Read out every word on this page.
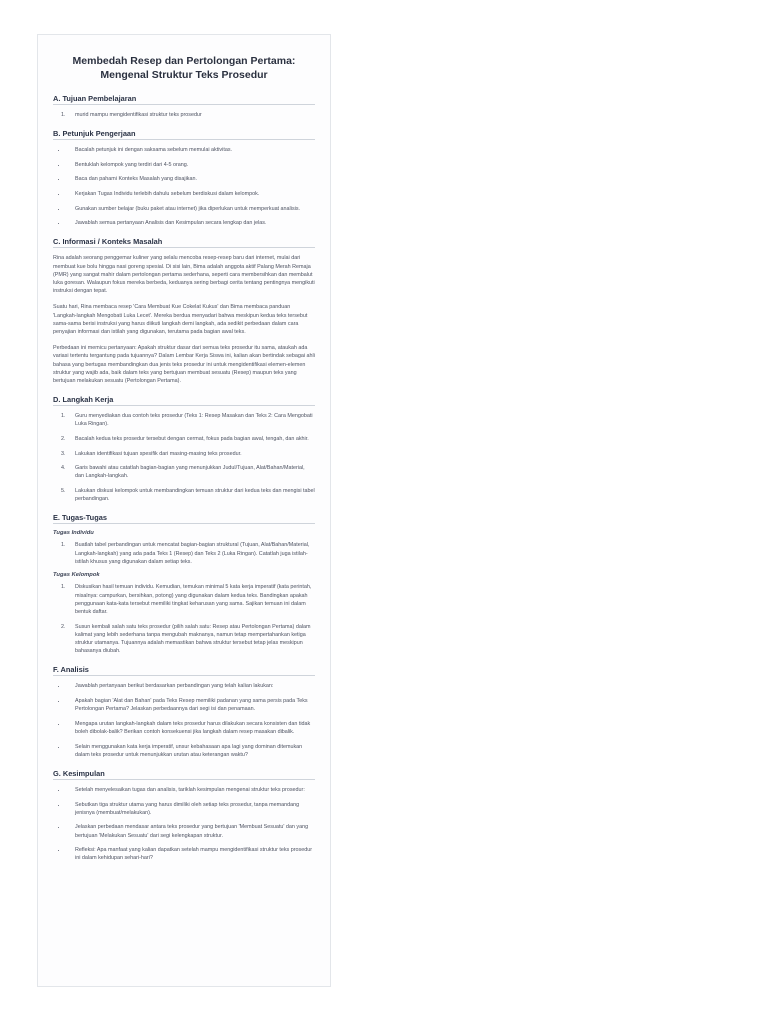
Membedah Resep dan Pertolongan Pertama:
Mengenal Struktur Teks Prosedur
A. Tujuan Pembelajaran
1. murid mampu mengidentifikasi struktur teks prosedur
B. Petunjuk Pengerjaan
• Bacalah petunjuk ini dengan saksama sebelum memulai aktivitas.
• Bentuklah kelompok yang terdiri dari 4-5 orang.
• Baca dan pahami Konteks Masalah yang disajikan.
• Kerjakan Tugas Individu terlebih dahulu sebelum berdiskusi dalam kelompok.
• Gunakan sumber belajar (buku paket atau internet) jika diperlukan untuk memperkuat analisis.
• Jawablah semua pertanyaan Analisis dan Kesimpulan secara lengkap dan jelas.
C. Informasi / Konteks Masalah

Rina adalah seorang penggemar kuliner yang selalu mencoba resep-resep baru dari internet, mulai dari membuat kue bolu hingga nasi goreng spesial. Di sisi lain, Bima adalah anggota aktif Palang Merah Remaja (PMR) yang sangat mahir dalam pertolongan pertama sederhana, seperti cara membersihkan dan membalut luka goresan. Walaupun fokus mereka berbeda, keduanya sering berbagi cerita tentang pentingnya mengikuti instruksi dengan tepat.

Suatu hari, Rina membaca resep 'Cara Membuat Kue Cokelat Kukus' dan Bima membaca panduan 'Langkah-langkah Mengobati Luka Lecet'. Mereka berdua menyadari bahwa meskipun kedua teks tersebut sama-sama berisi instruksi yang harus diikuti langkah demi langkah, ada sedikit perbedaan dalam cara penyajian informasi dan istilah yang digunakan, terutama pada bagian awal teks.

Perbedaan ini memicu pertanyaan: Apakah struktur dasar dari semua teks prosedur itu sama, ataukah ada variasi tertentu tergantung pada tujuannya? Dalam Lembar Kerja Siswa ini, kalian akan bertindak sebagai ahli bahasa yang bertugas membandingkan dua jenis teks prosedur ini untuk mengidentifikasi elemen-elemen struktur yang wajib ada, baik dalam teks yang bertujuan membuat sesuatu (Resep) maupun teks yang bertujuan melakukan sesuatu (Pertolongan Pertama).

D. Langkah Kerja
1. Guru menyediakan dua contoh teks prosedur (Teks 1: Resep Masakan dan Teks 2: Cara Mengobati Luka Ringan).
2. Bacalah kedua teks prosedur tersebut dengan cermat, fokus pada bagian awal, tengah, dan akhir.
3. Lakukan identifikasi tujuan spesifik dari masing-masing teks prosedur.
4. Garis bawahi atau catatlah bagian-bagian yang menunjukkan Judul/Tujuan, Alat/Bahan/Material, dan Langkah-langkah.
5. Lakukan diskusi kelompok untuk membandingkan temuan struktur dari kedua teks dan mengisi tabel perbandingan.
E. Tugas-Tugas
Tugas Individu
1. Buatlah tabel perbandingan untuk mencatat bagian-bagian struktural (Tujuan, Alat/Bahan/Material, Langkah-langkah) yang ada pada Teks 1 (Resep) dan Teks 2 (Luka Ringan). Catatlah juga istilah-istilah khusus yang digunakan dalam setiap teks.
Tugas Kelompok
1. Diskusikan hasil temuan individu. Kemudian, temukan minimal 5 kata kerja imperatif (kata perintah, misalnya: campurkan, bersihkan, potong) yang digunakan dalam kedua teks. Bandingkan apakah penggunaan kata-kata tersebut memiliki tingkat keharusan yang sama. Sajikan temuan ini dalam bentuk daftar.
2. Susun kembali salah satu teks prosedur (pilih salah satu: Resep atau Pertolongan Pertama) dalam kalimat yang lebih sederhana tanpa mengubah maknanya, namun tetap mempertahankan ketiga struktur utamanya. Tujuannya adalah memastikan bahwa struktur tersebut tetap jelas meskipun bahasanya diubah.
F. Analisis
• Jawablah pertanyaan berikut berdasarkan perbandingan yang telah kalian lakukan:
• Apakah bagian 'Alat dan Bahan' pada Teks Resep memiliki padanan yang sama persis pada Teks Pertolongan Pertama? Jelaskan perbedaannya dari segi isi dan penamaan.
• Mengapa urutan langkah-langkah dalam teks prosedur harus dilakukan secara konsisten dan tidak boleh dibolak-balik? Berikan contoh konsekuensi jika langkah dalam resep masakan dibalik.
• Selain menggunakan kata kerja imperatif, unsur kebahasaan apa lagi yang dominan ditemukan dalam teks prosedur untuk menunjukkan urutan atau keterangan waktu?
G. Kesimpulan
• Setelah menyelesaikan tugas dan analisis, tariklah kesimpulan mengenai struktur teks prosedur:
• Sebutkan tiga struktur utama yang harus dimiliki oleh setiap teks prosedur, tanpa memandang jenisnya (membuat/melakukan).
• Jelaskan perbedaan mendasar antara teks prosedur yang bertujuan 'Membuat Sesuatu' dan yang bertujuan 'Melakukan Sesuatu' dari segi kelengkapan struktur.
• Refleksi: Apa manfaat yang kalian dapatkan setelah mampu mengidentifikasi struktur teks prosedur ini dalam kehidupan sehari-hari?
